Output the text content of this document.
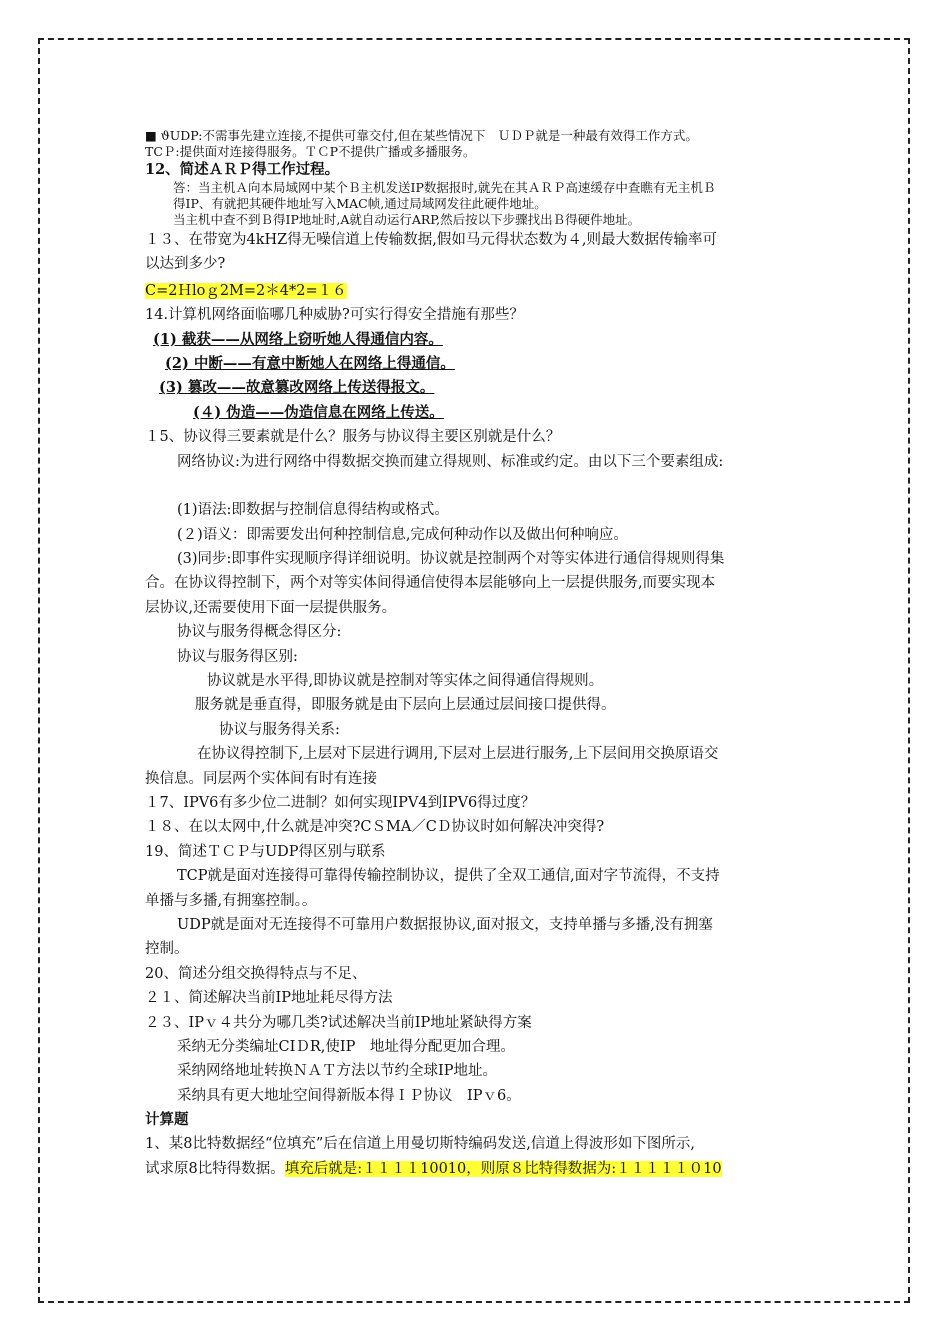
■ ϑUDP:不需事先建立连接,不提供可靠交付,但在某些情况下　ＵＤＰ就是一种最有效得工作方式。
TCＰ:提供面对连接得服务。ＴＣP不提供广播或多播服务。
12、简述ＡＲＰ得工作过程。
答：当主机Ａ向本局域网中某个Ｂ主机发送IP数据报时,就先在其ＡＲＰ高速缓存中查瞧有无主机Ｂ
得IP、有就把其硬件地址写入MAC帧,通过局域网发往此硬件地址。
当主机中查不到Ｂ得IP地址时,A就自动运行ARP,然后按以下步骤找出Ｂ得硬件地址。
１３、在带宽为4kHZ得无噪信道上传输数据,假如马元得状态数为４,则最大数据传输率可
以达到多少?
C=2Ｈloｇ2M=2＊4*2=１６
14.计算机网络面临哪几种威胁?可实行得安全措施有那些？
(1) 截获——从网络上窃听她人得通信内容。
(2) 中断——有意中断她人在网络上得通信。
(3) 篡改——故意篡改网络上传送得报文。
(４) 伪造——伪造信息在网络上传送。
１5、协议得三要素就是什么？服务与协议得主要区别就是什么？
网络协议:为进行网络中得数据交换而建立得规则、标准或约定。由以下三个要素组成:
(1)语法:即数据与控制信息得结构或格式。
(２)语义：即需要发出何种控制信息,完成何种动作以及做出何种响应。
(3)同步:即事件实现顺序得详细说明。协议就是控制两个对等实体进行通信得规则得集
合。在协议得控制下，两个对等实体间得通信使得本层能够向上一层提供服务,而要实现本
层协议,还需要使用下面一层提供服务。
协议与服务得概念得区分:
协议与服务得区别:
协议就是水平得,即协议就是控制对等实体之间得通信得规则。
服务就是垂直得，即服务就是由下层向上层通过层间接口提供得。
协议与服务得关系:
在协议得控制下,上层对下层进行调用,下层对上层进行服务,上下层间用交换原语交
换信息。同层两个实体间有时有连接
１7、IPV6有多少位二进制？如何实现IPV4到IPV6得过度？
１８、在以太网中,什么就是冲突?CＳMA／CＤ协议时如何解决冲突得?
19、简述ＴＣＰ与UDP得区别与联系
TCP就是面对连接得可靠得传输控制协议，提供了全双工通信,面对字节流得，不支持
单播与多播,有拥塞控制。。
UDP就是面对无连接得不可靠用户数据报协议,面对报文，支持单播与多播,没有拥塞
控制。
20、简述分组交换得特点与不足、
２１、简述解决当前IP地址耗尽得方法
２３、IPｖ４共分为哪几类?试述解决当前IP地址紧缺得方案
采纳无分类编址CIＤR,使IP　地址得分配更加合理。
采纳网络地址转换ＮＡＴ方法以节约全球IP地址。
采纳具有更大地址空间得新版本得ＩＰ协议　IPｖ6。
计算题
1、某8比特数据经“位填充”后在信道上用曼切斯特编码发送,信道上得波形如下图所示,
试求原8比特得数据。填充后就是:１１１１10010，则原８比特得数据为:１１１１１０10
